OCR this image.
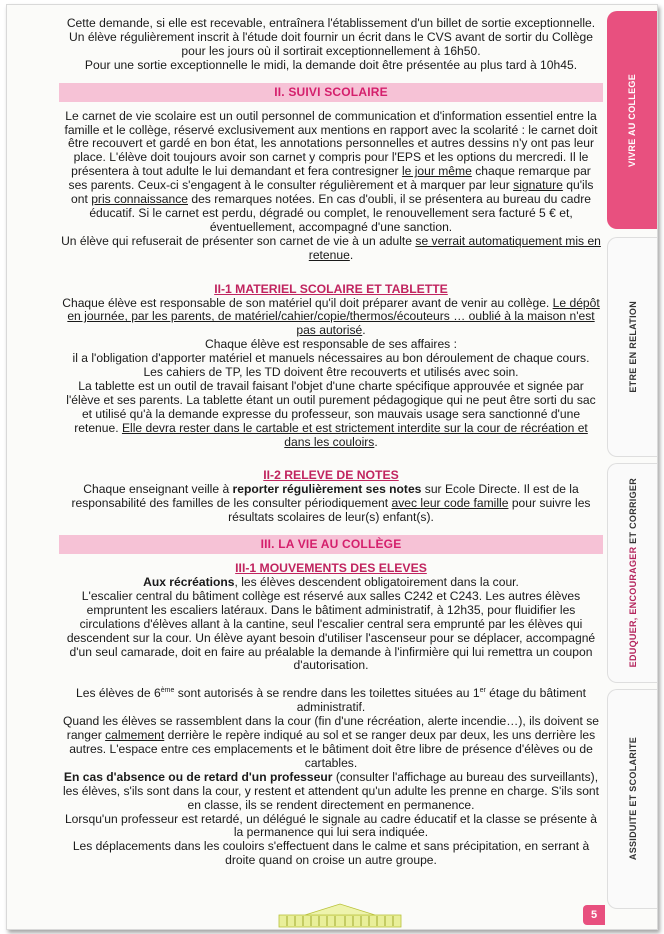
Cette demande, si elle est recevable, entraînera l'établissement d'un billet de sortie exceptionnelle.

Un élève régulièrement inscrit à l'étude doit fournir un écrit dans le CVS avant de sortir du Collège

pour les jours où il sortirait exceptionnellement à 16h50.

Pour une sortie exceptionnelle le midi, la demande doit être présentée au plus tard à 10h45.

II. SUIVI SCOLAIRE

Le carnet de vie scolaire est un outil personnel de communication et d'information essentiel entre la famille et le collège, réservé exclusivement aux mentions en rapport avec la scolarité : le carnet doit être recouvert et gardé en bon état, les annotations personnelles et autres dessins n'y ont pas leur place. L'élève doit toujours avoir son carnet y compris pour l'EPS et les options du mercredi. Il le présentera à tout adulte le lui demandant et fera contresigner le jour même chaque remarque par ses parents. Ceux-ci s'engagent à le consulter régulièrement et à marquer par leur signature qu'ils ont pris connaissance des remarques notées. En cas d'oubli, il se présentera au bureau du cadre éducatif. Si le carnet est perdu, dégradé ou complet, le renouvellement sera facturé 5 € et, éventuellement, accompagné d'une sanction.

Un élève qui refuserait de présenter son carnet de vie à un adulte se verrait automatiquement mis en retenue.

II-1 MATERIEL SCOLAIRE ET TABLETTE

Chaque élève est responsable de son matériel qu'il doit préparer avant de venir au collège. Le dépôt en journée, par les parents, de matériel/cahier/copie/thermos/écouteurs … oublié à la maison n'est pas autorisé.

Chaque élève est responsable de ses affaires :

il a l'obligation d'apporter matériel et manuels nécessaires au bon déroulement de chaque cours.

Les cahiers de TP, les TD doivent être recouverts et utilisés avec soin.

La tablette est un outil de travail faisant l'objet d'une charte spécifique approuvée et signée par l'élève et ses parents. La tablette étant un outil purement pédagogique qui ne peut être sorti du sac et utilisé qu'à la demande expresse du professeur, son mauvais usage sera sanctionné d'une retenue. Elle devra rester dans le cartable et est strictement interdite sur la cour de récréation et dans les couloirs.

II-2 RELEVE DE NOTES

Chaque enseignant veille à reporter régulièrement ses notes sur Ecole Directe. Il est de la responsabilité des familles de les consulter périodiquement avec leur code famille pour suivre les résultats scolaires de leur(s) enfant(s).

III. LA VIE AU COLLÈGE
III-1 MOUVEMENTS DES ELEVES

Aux récréations, les élèves descendent obligatoirement dans la cour.

L'escalier central du bâtiment collège est réservé aux salles C242 et C243. Les autres élèves empruntent les escaliers latéraux. Dans le bâtiment administratif, à 12h35, pour fluidifier les circulations d'élèves allant à la cantine, seul l'escalier central sera emprunté par les élèves qui descendent sur la cour. Un élève ayant besoin d'utiliser l'ascenseur pour se déplacer, accompagné d'un seul camarade, doit en faire au préalable la demande à l'infirmière qui lui remettra un coupon d'autorisation.

Les élèves de 6ème sont autorisés à se rendre dans les toilettes situées au 1er étage du bâtiment administratif.

Quand les élèves se rassemblent dans la cour (fin d'une récréation, alerte incendie…), ils doivent se ranger calmement derrière le repère indiqué au sol et se ranger deux par deux, les uns derrière les autres. L'espace entre ces emplacements et le bâtiment doit être libre de présence d'élèves ou de cartables.

En cas d'absence ou de retard d'un professeur (consulter l'affichage au bureau des surveillants), les élèves, s'ils sont dans la cour, y restent et attendent qu'un adulte les prenne en charge. S'ils sont en classe, ils se rendent directement en permanence.

Lorsqu'un professeur est retardé, un délégué le signale au cadre éducatif et la classe se présente à la permanence qui lui sera indiquée.

Les déplacements dans les couloirs s'effectuent dans le calme et sans précipitation, en serrant à droite quand on croise un autre groupe.

VIVRE AU COLLEGE
ETRE EN RELATION
EDUQUER, ENCOURAGER ET CORRIGER
ASSIDUITE ET SCOLARITE
5
